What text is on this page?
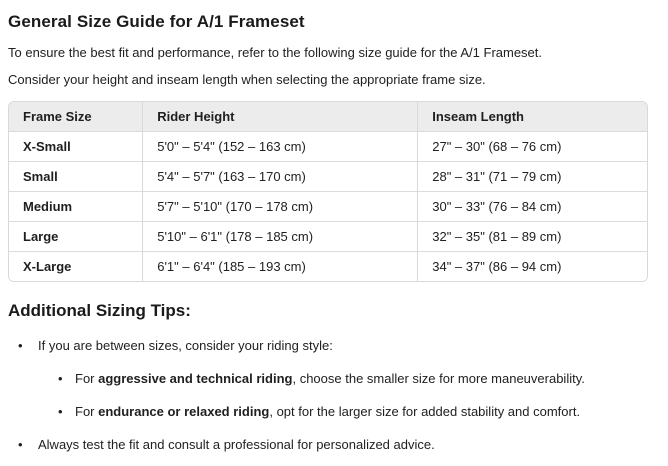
General Size Guide for A/1 Frameset

To ensure the best fit and performance, refer to the following size guide for the A/1 Frameset.

Consider your height and inseam length when selecting the appropriate frame size.

Frame Size	Rider Height	Inseam Length
X-Small	5'0" – 5'4" (152 – 163 cm)	27" – 30" (68 – 76 cm)
Small	5'4" – 5'7" (163 – 170 cm)	28" – 31" (71 – 79 cm)
Medium	5'7" – 5'10" (170 – 178 cm)	30" – 33" (76 – 84 cm)
Large	5'10" – 6'1" (178 – 185 cm)	32" – 35" (81 – 89 cm)
X-Large	6'1" – 6'4" (185 – 193 cm)	34" – 37" (86 – 94 cm)
Additional Sizing Tips:
• If you are between sizes, consider your riding style:
• For aggressive and technical riding, choose the smaller size for more maneuverability.
• For endurance or relaxed riding, opt for the larger size for added stability and comfort.
• Always test the fit and consult a professional for personalized advice.
